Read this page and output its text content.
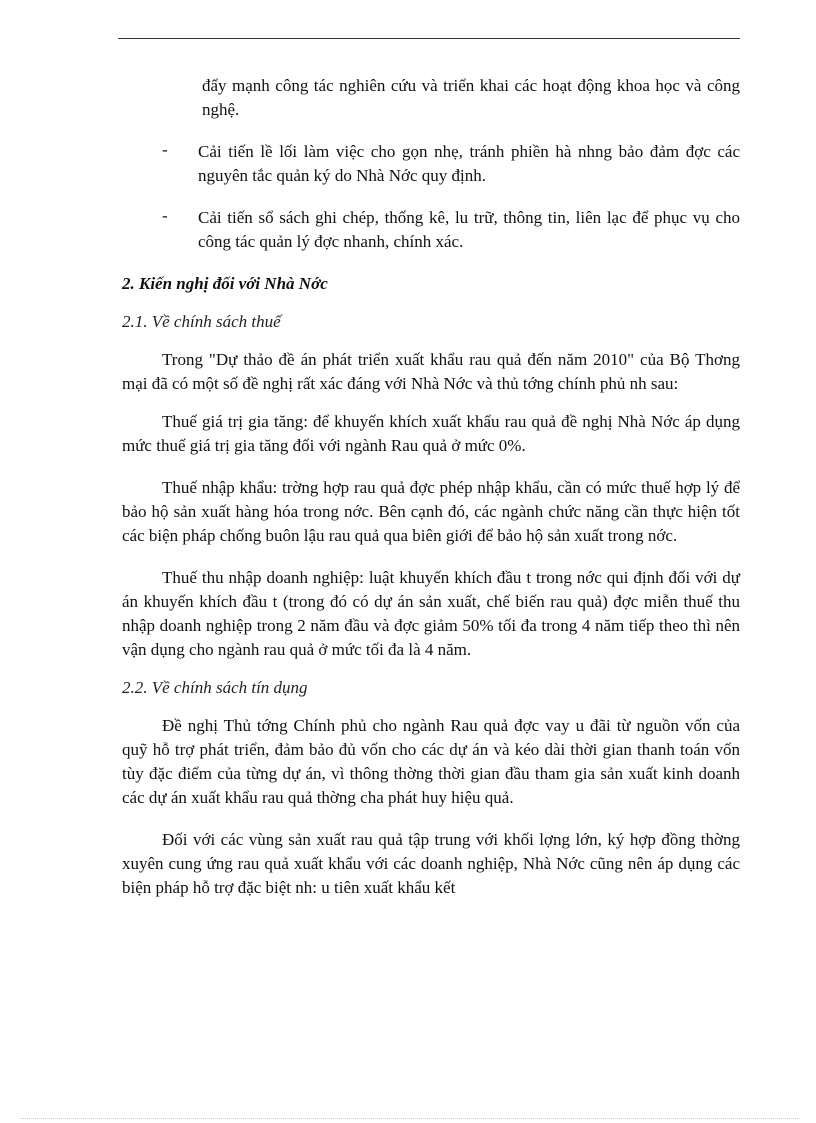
đẩy mạnh công tác nghiên cứu và triển khai các hoạt động khoa học và công nghệ.

- Cải tiến lề lối làm việc cho gọn nhẹ, tránh phiền hà nhng bảo đảm đợc các nguyên tắc quản ký do Nhà Nớc quy định.

- Cải tiến sổ sách ghi chép, thống kê, lu trữ, thông tin, liên lạc để phục vụ cho công tác quản lý đợc nhanh, chính xác.

2. Kiến nghị đối với Nhà Nớc

2.1. Về chính sách thuế

Trong "Dự thảo đề án phát triển xuất khẩu rau quả đến năm 2010" của Bộ Thơng mại đã có một số đề nghị rất xác đáng với Nhà Nớc và thủ tớng chính phủ nh sau:

Thuế giá trị gia tăng: để khuyến khích xuất khẩu rau quả đề nghị Nhà Nớc áp dụng mức thuế giá trị gia tăng đối với ngành Rau quả ở mức 0%.

Thuế nhập khẩu: trờng hợp rau quả đợc phép nhập khẩu, cần có mức thuế hợp lý để bảo hộ sản xuất hàng hóa trong nớc. Bên cạnh đó, các ngành chức năng cần thực hiện tốt các biện pháp chống buôn lậu rau quả qua biên giới để bảo hộ sản xuất trong nớc.

Thuế thu nhập doanh nghiệp: luật khuyến khích đầu t trong nớc qui định đối với dự án khuyến khích đầu t (trong đó có dự án sản xuất, chế biến rau quả) đợc miễn thuế thu nhập doanh nghiệp trong 2 năm đầu và đợc giảm 50% tối đa trong 4 năm tiếp theo thì nên vận dụng cho ngành rau quả ở mức tối đa là 4 năm.

2.2. Về chính sách tín dụng

Đề nghị Thủ tớng Chính phủ cho ngành Rau quả đợc vay u đãi từ nguồn vốn của quỹ hỗ trợ phát triển, đảm bảo đủ vốn cho các dự án và kéo dài thời gian thanh toán vốn tùy đặc điểm của từng dự án, vì thông thờng thời gian đầu tham gia sản xuất kinh doanh các dự án xuất khẩu rau quả thờng cha phát huy hiệu quả.

Đối với các vùng sản xuất rau quả tập trung với khối lợng lớn, ký hợp đồng thờng xuyên cung ứng rau quả xuất khẩu với các doanh nghiệp, Nhà Nớc cũng nên áp dụng các biện pháp hỗ trợ đặc biệt nh: u tiên xuất khẩu kết
